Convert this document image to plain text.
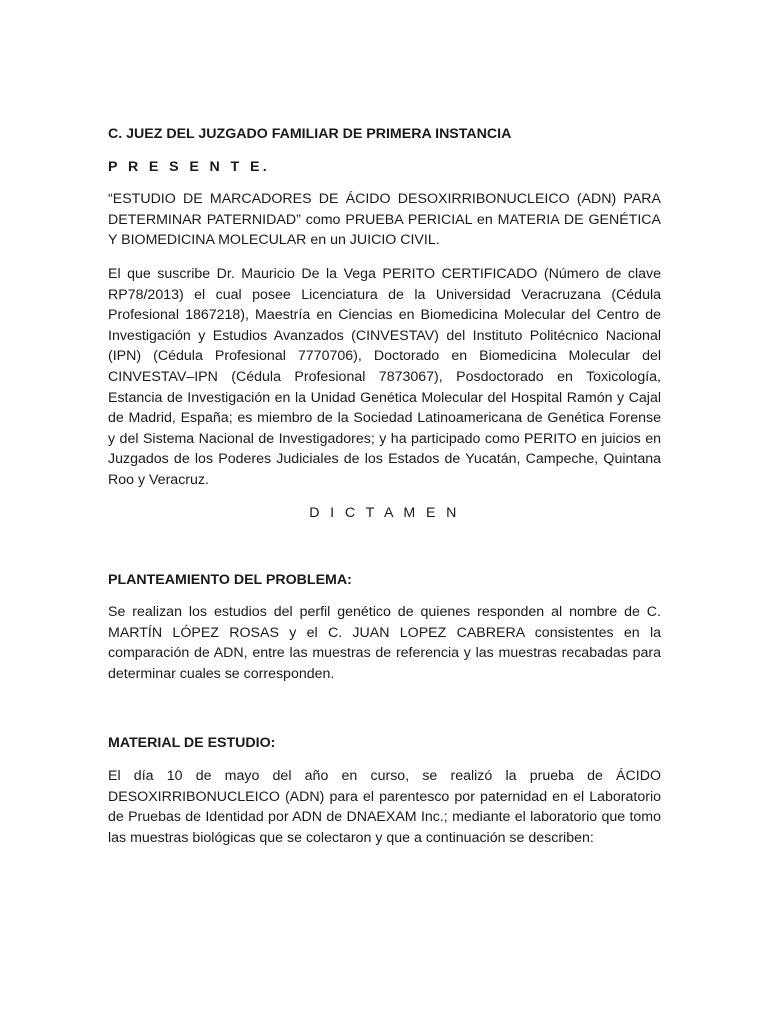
C. JUEZ DEL JUZGADO FAMILIAR DE PRIMERA INSTANCIA

P R E S E N T E.

“ESTUDIO DE MARCADORES DE ÁCIDO DESOXIRRIBONUCLEICO (ADN) PARA DETERMINAR PATERNIDAD” como PRUEBA PERICIAL en MATERIA DE GENÉTICA Y BIOMEDICINA MOLECULAR en un JUICIO CIVIL.

El que suscribe Dr. Mauricio De la Vega PERITO CERTIFICADO (Número de clave RP78/2013) el cual posee Licenciatura de la Universidad Veracruzana (Cédula Profesional 1867218), Maestría en Ciencias en Biomedicina Molecular del Centro de Investigación y Estudios Avanzados (CINVESTAV) del Instituto Politécnico Nacional (IPN) (Cédula Profesional 7770706), Doctorado en Biomedicina Molecular del CINVESTAV–IPN (Cédula Profesional 7873067), Posdoctorado en Toxicología, Estancia de Investigación en la Unidad Genética Molecular del Hospital Ramón y Cajal de Madrid, España; es miembro de la Sociedad Latinoamericana de Genética Forense y del Sistema Nacional de Investigadores; y ha participado como PERITO en juicios en Juzgados de los Poderes Judiciales de los Estados de Yucatán, Campeche, Quintana Roo y Veracruz.

D I C T A M E N

PLANTEAMIENTO DEL PROBLEMA:

Se realizan los estudios del perfil genético de quienes responden al nombre de C. MARTÍN LÓPEZ ROSAS y el C. JUAN LOPEZ CABRERA consistentes en la comparación de ADN, entre las muestras de referencia y las muestras recabadas para determinar cuales se corresponden.

MATERIAL DE ESTUDIO:

El día 10 de mayo del año en curso, se realizó la prueba de ÁCIDO DESOXIRRIBONUCLEICO (ADN) para el parentesco por paternidad en el Laboratorio de Pruebas de Identidad por ADN de DNAEXAM Inc.; mediante el laboratorio que tomo las muestras biológicas que se colectaron y que a continuación se describen:
